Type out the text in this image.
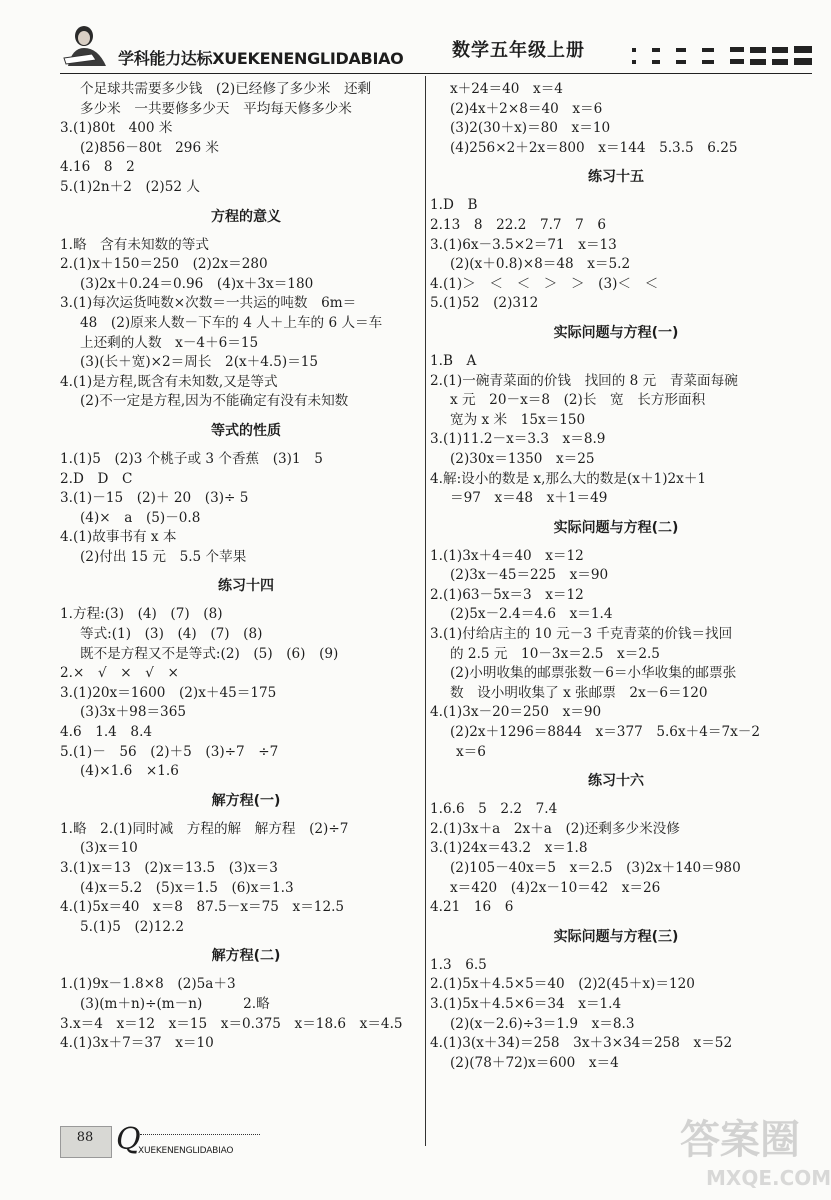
学科能力达标XUEKENENGLIDABIAO	数学五年级上册
个足球共需要多少钱　(2)已经修了多少米　还剩
多少米　一共要修多少天　平均每天修多少米
3.(1)80t　400 米
(2)856－80t　296 米
4.16　8　2
5.(1)2n＋2　(2)52 人
方程的意义
1.略　含有未知数的等式
2.(1)x＋150＝250　(2)2x＝280
(3)2x＋0.24＝0.96　(4)x＋3x＝180
3.(1)每次运货吨数×次数＝一共运的吨数　6m＝
48　(2)原来人数－下车的 4 人＋上车的 6 人＝车
上还剩的人数　x－4＋6＝15
(3)(长＋宽)×2＝周长　2(x＋4.5)＝15
4.(1)是方程,既含有未知数,又是等式
(2)不一定是方程,因为不能确定有没有未知数
等式的性质
1.(1)5　(2)3 个桃子或 3 个香蕉　(3)1　5
2.D　D　C
3.(1)－15　(2)＋ 20　(3)÷ 5
(4)×　a　(5)－0.8
4.(1)故事书有 x 本
(2)付出 15 元　5.5 个苹果
练习十四
1.方程:(3)　(4)　(7)　(8)
等式:(1)　(3)　(4)　(7)　(8)
既不是方程又不是等式:(2)　(5)　(6)　(9)
2.×　√　×　√　×
3.(1)20x＝1600　(2)x＋45＝175
(3)3x＋98＝365
4.6　1.4　8.4
5.(1)－　56　(2)＋5　(3)÷7　÷7
(4)×1.6　×1.6
解方程(一)
1.略　2.(1)同时减　方程的解　解方程　(2)÷7
(3)x＝10
3.(1)x＝13　(2)x＝13.5　(3)x＝3
(4)x＝5.2　(5)x＝1.5　(6)x＝1.3
4.(1)5x＝40　x＝8　87.5－x＝75　x＝12.5
5.(1)5　(2)12.2
解方程(二)
1.(1)9x－1.8×8　(2)5a＋3
(3)(m＋n)÷(m－n)　　　2.略
3.x＝4　x＝12　x＝15　x＝0.375　x＝18.6　x＝4.5
4.(1)3x＋7＝37　x＝10
x＋24＝40　x＝4
(2)4x＋2×8＝40　x＝6
(3)2(30＋x)＝80　x＝10
(4)256×2＋2x＝800　x＝144　5.3.5　6.25
练习十五
1.D　B
2.13　8　22.2　7.7　7　6
3.(1)6x－3.5×2＝71　x＝13
(2)(x＋0.8)×8＝48　x＝5.2
4.(1)＞　＜　＜　＞　＞　(3)＜　＜
5.(1)52　(2)312
实际问题与方程(一)
1.B　A
2.(1)一碗青菜面的价钱　找回的 8 元　青菜面每碗
x 元　20－x＝8　(2)长　宽　长方形面积
宽为 x 米　15x＝150
3.(1)11.2－x＝3.3　x＝8.9
(2)30x＝1350　x＝25
4.解:设小的数是 x,那么大的数是(x＋1)2x＋1
＝97　x＝48　x＋1＝49
实际问题与方程(二)
1.(1)3x＋4＝40　x＝12
(2)3x－45＝225　x＝90
2.(1)63－5x＝3　x＝12
(2)5x－2.4＝4.6　x＝1.4
3.(1)付给店主的 10 元－3 千克青菜的价钱＝找回
的 2.5 元　10－3x＝2.5　x＝2.5
(2)小明收集的邮票张数－6＝小华收集的邮票张
数　设小明收集了 x 张邮票　2x－6＝120
4.(1)3x－20＝250　x＝90
(2)2x＋1296＝8844　x＝377　5.6x＋4＝7x－2
x＝6
练习十六
1.6.6　5　2.2　7.4
2.(1)3x＋a　2x＋a　(2)还剩多少米没修
3.(1)24x＝43.2　x＝1.8
(2)105－40x＝5　x＝2.5　(3)2x＋140＝980
x＝420　(4)2x－10＝42　x＝26
4.21　16　6
实际问题与方程(三)
1.3　6.5
2.(1)5x＋4.5×5＝40　(2)2(45＋x)＝120
3.(1)5x＋4.5×6＝34　x＝1.4
(2)(x－2.6)÷3＝1.9　x＝8.3
4.(1)3(x＋34)＝258　3x＋3×34＝258　x＝52
(2)(78＋72)x＝600　x＝4
88 Q
XUEKENENGLIDABIAO	答案圈
MXQE.COM
